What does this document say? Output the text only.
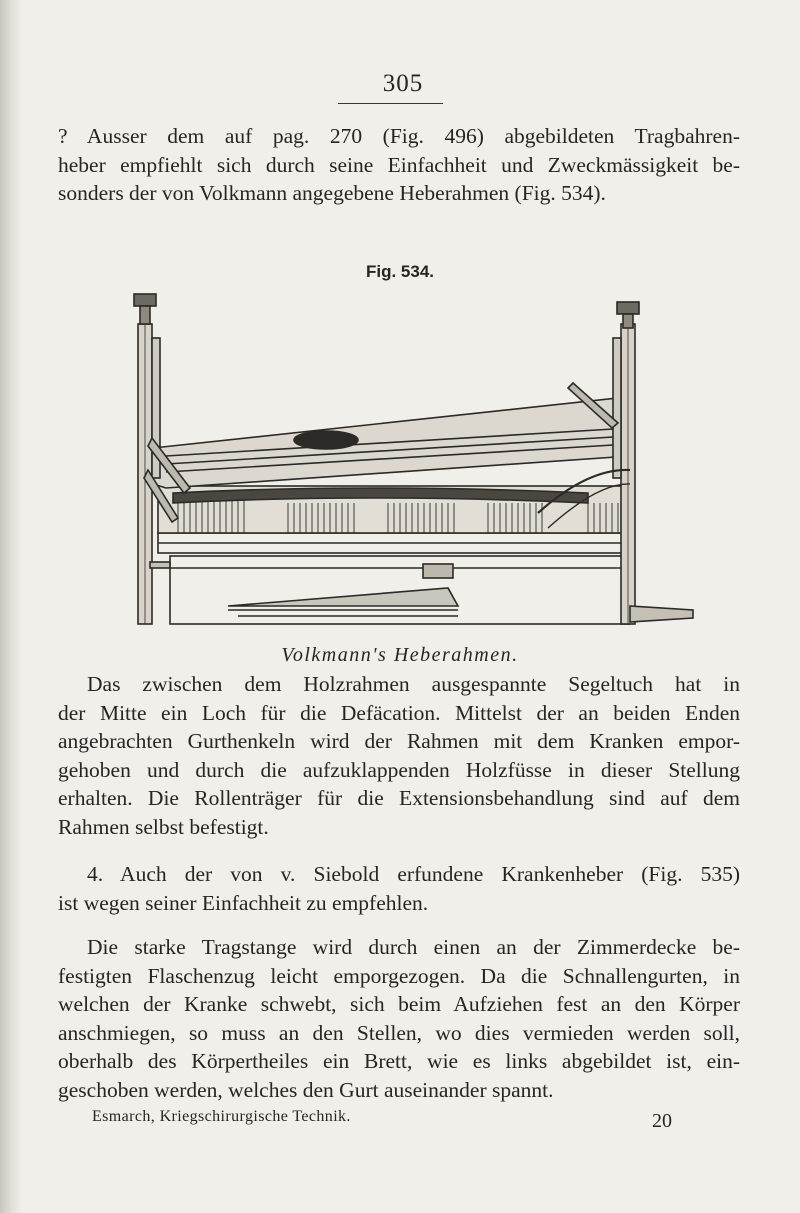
305

? Ausser dem auf pag. 270 (Fig. 496) abgebildeten Tragbahren-
heber empfiehlt sich durch seine Einfachheit und Zweckmässigkeit be-
sonders der von Volkmann angegebene Heberahmen (Fig. 534).

Fig. 534.
Volkmann's Heberahmen.

Das zwischen dem Holzrahmen ausgespannte Segeltuch hat in
der Mitte ein Loch für die Defäcation. Mittelst der an beiden Enden
angebrachten Gurthenkeln wird der Rahmen mit dem Kranken empor-
gehoben und durch die aufzuklappenden Holzfüsse in dieser Stellung
erhalten. Die Rollenträger für die Extensionsbehandlung sind auf dem
Rahmen selbst befestigt.

4. Auch der von v. Siebold erfundene Krankenheber (Fig. 535)
ist wegen seiner Einfachheit zu empfehlen.

Die starke Tragstange wird durch einen an der Zimmerdecke be-
festigten Flaschenzug leicht emporgezogen. Da die Schnallengurten, in
welchen der Kranke schwebt, sich beim Aufziehen fest an den Körper
anschmiegen, so muss an den Stellen, wo dies vermieden werden soll,
oberhalb des Körpertheiles ein Brett, wie es links abgebildet ist, ein-
geschoben werden, welches den Gurt auseinander spannt.

Esmarch, Kriegschirurgische Technik.	20
